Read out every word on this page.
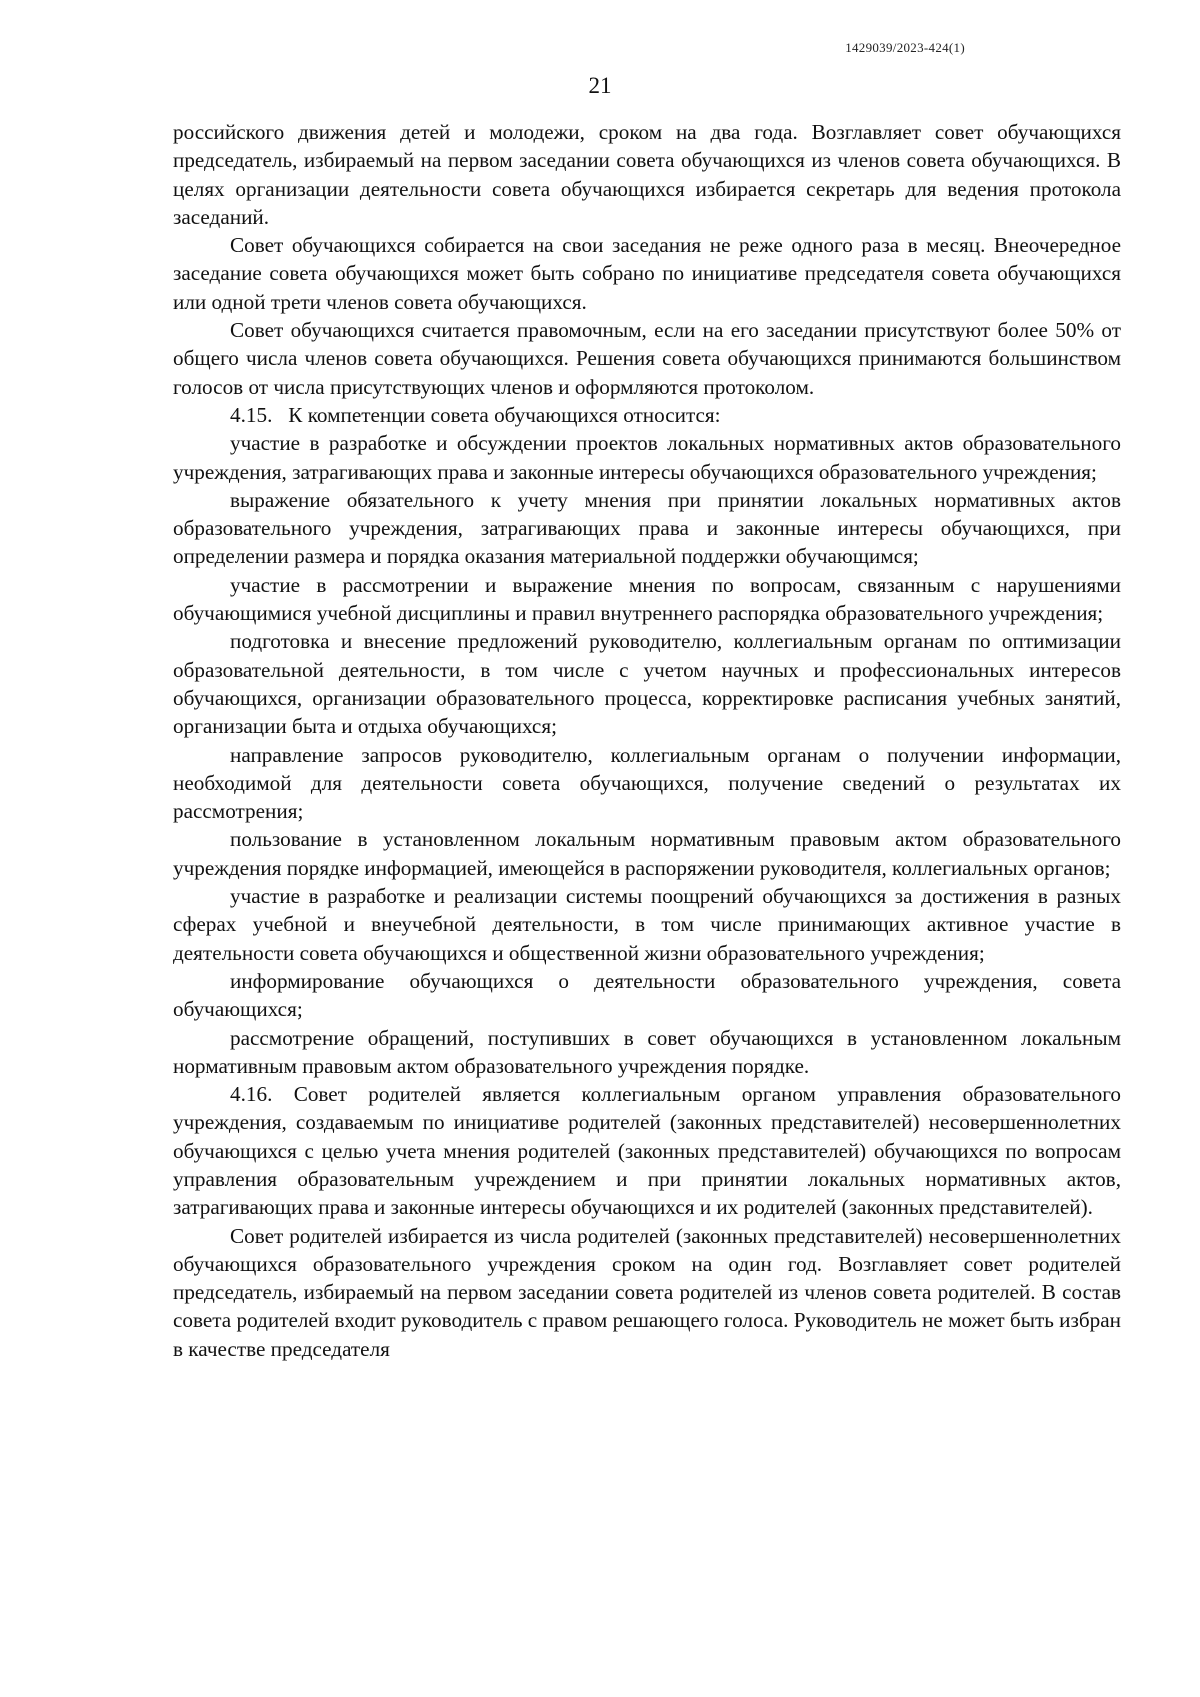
1429039/2023-424(1)
21

российского движения детей и молодежи, сроком на два года. Возглавляет совет обучающихся председатель, избираемый на первом заседании совета обучающихся из членов совета обучающихся. В целях организации деятельности совета обучающихся избирается секретарь для ведения протокола заседаний.

Совет обучающихся собирается на свои заседания не реже одного раза в месяц. Внеочередное заседание совета обучающихся может быть собрано по инициативе председателя совета обучающихся или одной трети членов совета обучающихся.

Совет обучающихся считается правомочным, если на его заседании присутствуют более 50% от общего числа членов совета обучающихся. Решения совета обучающихся принимаются большинством голосов от числа присутствующих членов и оформляются протоколом.

4.15.   К компетенции совета обучающихся относится:

участие в разработке и обсуждении проектов локальных нормативных актов образовательного учреждения, затрагивающих права и законные интересы обучающихся образовательного учреждения;

выражение обязательного к учету мнения при принятии локальных нормативных актов образовательного учреждения, затрагивающих права и законные интересы обучающихся, при определении размера и порядка оказания материальной поддержки обучающимся;

участие в рассмотрении и выражение мнения по вопросам, связанным с нарушениями обучающимися учебной дисциплины и правил внутреннего распорядка образовательного учреждения;

подготовка и внесение предложений руководителю, коллегиальным органам по оптимизации образовательной деятельности, в том числе с учетом научных и профессиональных интересов обучающихся, организации образовательного процесса, корректировке расписания учебных занятий, организации быта и отдыха обучающихся;

направление запросов руководителю, коллегиальным органам о получении информации, необходимой для деятельности совета обучающихся, получение сведений о результатах их рассмотрения;

пользование в установленном локальным нормативным правовым актом образовательного учреждения порядке информацией, имеющейся в распоряжении руководителя, коллегиальных органов;

участие в разработке и реализации системы поощрений обучающихся за достижения в разных сферах учебной и внеучебной деятельности, в том числе принимающих активное участие в деятельности совета обучающихся и общественной жизни образовательного учреждения;

информирование обучающихся о деятельности образовательного учреждения, совета обучающихся;

рассмотрение обращений, поступивших в совет обучающихся в установленном локальным нормативным правовым актом образовательного учреждения порядке.

4.16. Совет родителей является коллегиальным органом управления образовательного учреждения, создаваемым по инициативе родителей (законных представителей) несовершеннолетних обучающихся с целью учета мнения родителей (законных представителей) обучающихся по вопросам управления образовательным учреждением и при принятии локальных нормативных актов, затрагивающих права и законные интересы обучающихся и их родителей (законных представителей).

Совет родителей избирается из числа родителей (законных представителей) несовершеннолетних обучающихся образовательного учреждения сроком на один год. Возглавляет совет родителей председатель, избираемый на первом заседании совета родителей из членов совета родителей. В состав совета родителей входит руководитель с правом решающего голоса. Руководитель не может быть избран в качестве председателя
